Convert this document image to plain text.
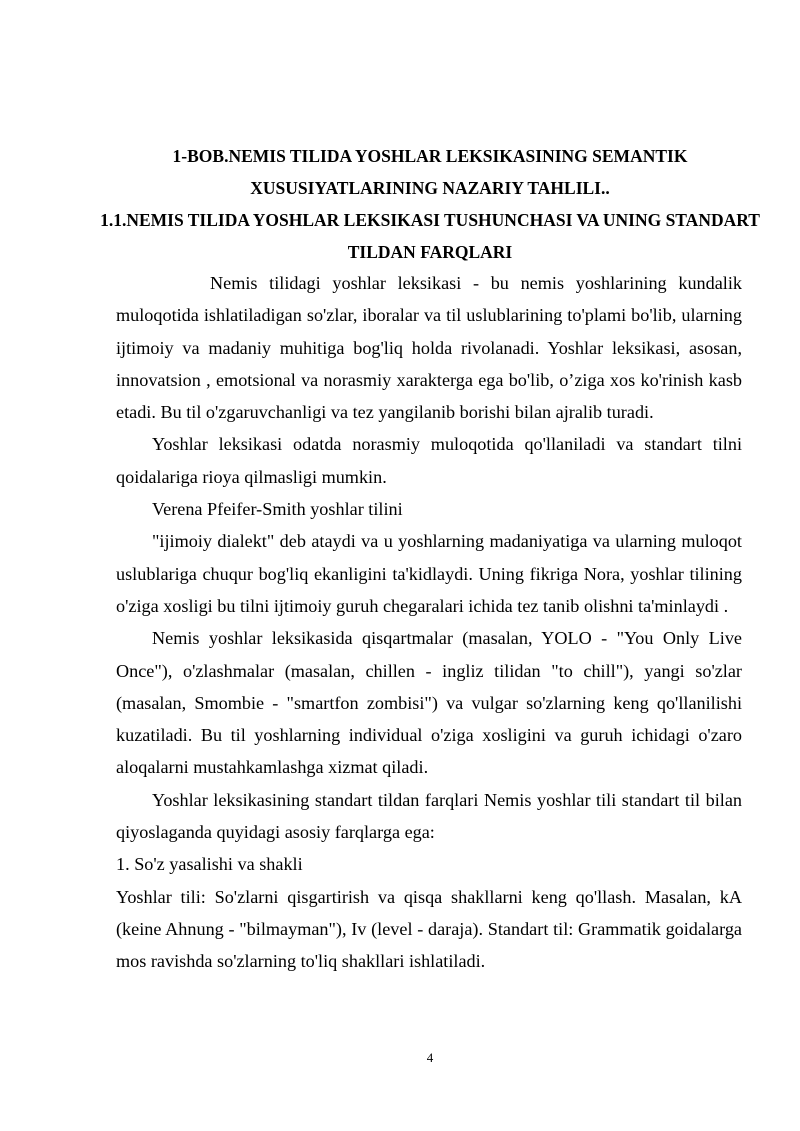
1-BOB.NEMIS TILIDA YOSHLAR LEKSIKASINING SEMANTIK XUSUSIYATLARINING NAZARIY TAHLILI..

1.1.NEMIS TILIDA YOSHLAR LEKSIKASI TUSHUNCHASI VA UNING STANDART TILDAN FARQLARI

Nemis tilidagi yoshlar leksikasi - bu nemis yoshlarining kundalik muloqotida ishlatiladigan so'zlar, iboralar va til uslublarining to'plami bo'lib, ularning ijtimoiy va madaniy muhitiga bog'liq holda rivolanadi. Yoshlar leksikasi, asosan, innovatsion , emotsional va norasmiy xarakterga ega bo'lib, o’ziga xos ko'rinish kasb etadi. Bu til o'zgaruvchanligi va tez yangilanib borishi bilan ajralib turadi.

Yoshlar leksikasi odatda norasmiy muloqotida qo'llaniladi va standart tilni qoidalariga rioya qilmasligi mumkin.

Verena Pfeifer-Smith yoshlar tilini

"ijimoiy dialekt" deb ataydi va u yoshlarning madaniyatiga va ularning muloqot uslublariga chuqur bog'liq ekanligini ta'kidlaydi. Uning fikriga Nora, yoshlar tilining o'ziga xosligi bu tilni ijtimoiy guruh chegaralari ichida tez tanib olishni ta'minlaydi .

Nemis yoshlar leksikasida qisqartmalar (masalan, YOLO - "You Only Live Once"), o'zlashmalar (masalan, chillen - ingliz tilidan "to chill"), yangi so'zlar (masalan, Smombie - "smartfon zombisi") va vulgar so'zlarning keng qo'llanilishi kuzatiladi. Bu til yoshlarning individual o'ziga xosligini va guruh ichidagi o'zaro aloqalarni mustahkamlashga xizmat qiladi.

Yoshlar leksikasining standart tildan farqlari Nemis yoshlar tili standart til bilan qiyoslaganda quyidagi asosiy farqlarga ega:

1. So'z yasalishi va shakli

Yoshlar tili: So'zlarni qisgartirish va qisqa shakllarni keng qo'llash. Masalan, kA (keine Ahnung - "bilmayman"), Iv (level - daraja). Standart til: Grammatik goidalarga mos ravishda so'zlarning to'liq shakllari ishlatiladi.

4
